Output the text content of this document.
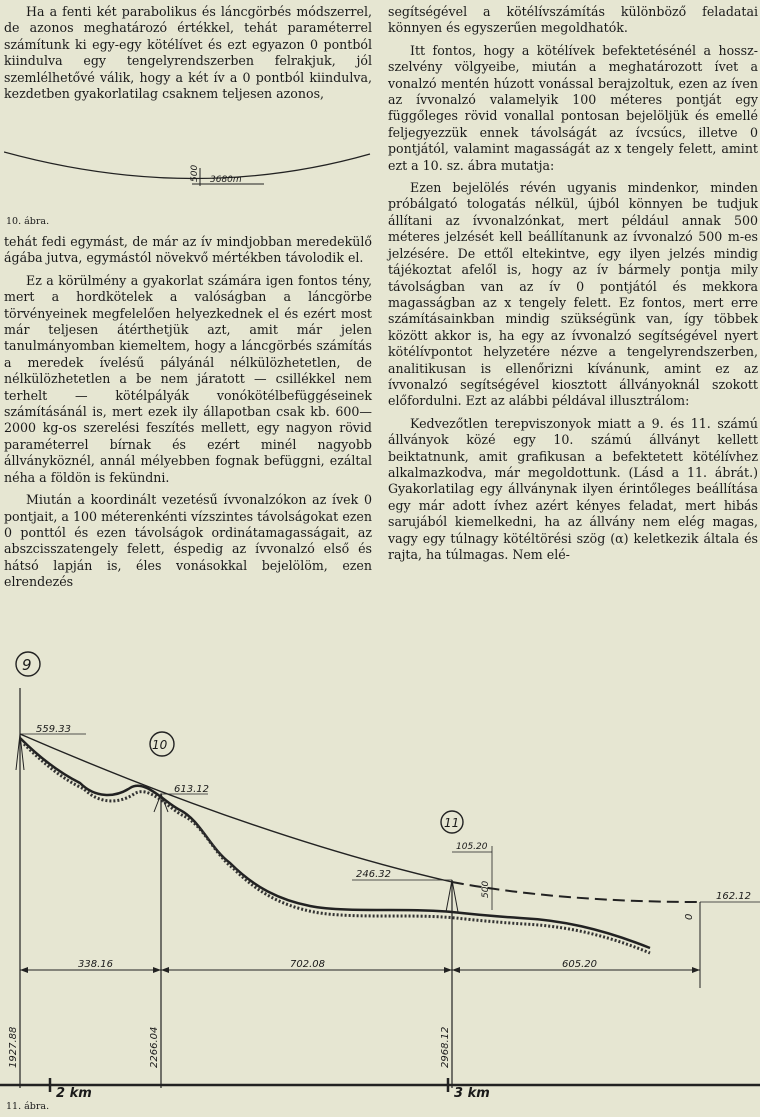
Ha a fenti két parabolikus és láncgörbés módszerrel, de azonos meghatározó értékkel, tehát paraméterrel számítunk ki egy-egy kötélívet és ezt egyazon 0 pontból kiindulva egy tengelyrendszerben felrakjuk, jól szemlélhetővé válik, hogy a két ív a 0 pontból kiindulva, kezdetben gyakorlatilag csaknem teljesen azonos,

500 3680m
10. ábra.

tehát fedi egymást, de már az ív mindjobban meredekülő ágába jutva, egymástól növekvő mértékben távolodik el.

Ez a körülmény a gyakorlat számára igen fontos tény, mert a hordkötelek a valóságban a láncgörbe törvényeinek megfelelően helyezkednek el és ezért most már teljesen átérthetjük azt, amit már jelen tanulmányomban kiemeltem, hogy a láncgörbés számítás a meredek ívelésű pályánál nélkülözhetetlen, de nélkülözhetetlen a be nem járatott — csillékkel nem terhelt — kötélpályák vonókötélbefüggéseinek számításánál is, mert ezek ily állapotban csak kb. 600—2000 kg-os szerelési feszítés mellett, egy nagyon rövid paraméterrel bírnak és ezért minél nagyobb állványköznél, annál mélyebben fognak befüggni, ezáltal néha a földön is fekündni.

Miután a koordinált vezetésű ívvonalzókon az ívek 0 pontjait, a 100 méterenkénti vízszintes távolságokat ezen 0 ponttól és ezen távolságok ordinátamagasságait, az abszcisszatengely felett, éspedig az ívvonalzó első és hátsó lapján is, éles vonásokkal bejelölöm, ezen elrendezés

segítségével a kötélívszámítás különböző feladatai könnyen és egyszerűen megoldhatók.

Itt fontos, hogy a kötélívek befektetésénél a hossz-szelvény völgyeibe, miután a meghatározott ívet a vonalzó mentén húzott vonással berajzoltuk, ezen az íven az ívvonalzó valamelyik 100 méteres pontját egy függőleges rövid vonallal pontosan bejelöljük és emellé feljegyezzük ennek távolságát az ívcsúcs, illetve 0 pontjától, valamint magasságát az x tengely felett, amint ezt a 10. sz. ábra mutatja:

Ezen bejelölés révén ugyanis mindenkor, minden próbálgató tologatás nélkül, újból könnyen be tudjuk állítani az ívvonalzónkat, mert például annak 500 méteres jelzését kell beállítanunk az ívvonalzó 500 m-es jelzésére. De ettől eltekintve, egy ilyen jelzés mindig tájékoztat afelől is, hogy az ív bármely pontja mily távolságban van az ív 0 pontjától és mekkora magasságban az x tengely felett. Ez fontos, mert erre számításainkban mindig szükségünk van, így többek között akkor is, ha egy az ívvonalzó segítségével nyert kötélívpontot helyzetére nézve a tengelyrendszerben, analitikusan is ellenőrizni kívánunk, amint ez az ívvonalzó segítségével kiosztott állványoknál szokott előfordulni. Ezt az alábbi példával illusztrálom:

Kedvezőtlen terepviszonyok miatt a 9. és 11. számú állványok közé egy 10. számú állványt kellett beiktatnunk, amit grafikusan a befektetett kötélívhez alkalmazkodva, már megoldottunk. (Lásd a 11. ábrát.) Gyakorlatilag egy állványnak ilyen érintőleges beállítása egy már adott ívhez azért kényes feladat, mert hibás sarujából kiemelkedni, ha az állvány nem elég magas, vagy egy túlnagy kötéltörési szög (α) keletkezik általa és rajta, ha túlmagas. Nem elé-

9
10
11
559.33
613.12
246.32
162.12
105.20
500
0
338.16	702.08	605.20
1927.88	2266.04	2968.12
2 km	3 km
11. ábra.
